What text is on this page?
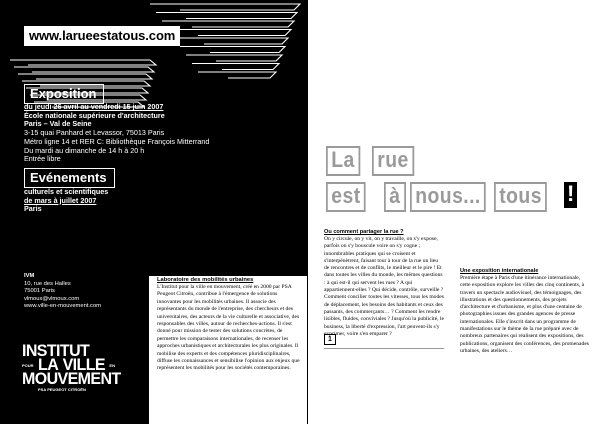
www.larueestatous.com
Exposition
du jeudi 26 avril au vendredi 15 juin 2007
École nationale supérieure d'architecture
Paris – Val de Seine
3-15 quai Panhard et Levassor, 75013 Paris
Métro ligne 14 et RER C: Bibliothèque François Mitterrand
Du mardi au dimanche de 14 h à 20 h
Entrée libre
Evénements
culturels et scientifiques
de mars à juillet 2007
Paris
IVM
10, rue des Halles
75001 Paris
vlmoux@vlmoux.com
www.ville-en-mouvement.com
INSTITUT
POUR LA VILLE EN
MOUVEMENT
PSA PEUGEOT CITROËN
Laboratoire des mobilités urbaines
L'Institut pour la ville en mouvement, créé en 2000 par PSA Peugeot Citroën, contribue à l'émergence de solutions innovantes pour les mobilités urbaines. Il associe des représentants du monde de l'entreprise, des chercheurs et des universitaires, des acteurs de la vie culturelle et associative, des responsables des villes, autour de recherches-actions. Il s'est donné pour mission de tester des solutions concrètes, de permettre les comparaisons internationales, de recenser les approches urbanistiques et architecturales les plus originales. Il mobilise des experts et des compétences pluridisciplinaires, diffuse les connaissances et sensibilise l'opinion aux enjeux que représentent les mobilités pour les sociétés contemporaines.
La rue
est à nous... tous !
Ou comment partager la rue ?
On y circule, on y vit, on y travaille, on s'y expose, parfois on s'y bouscule voire on s'y cogne ; innombrables pratiques qui se croisent et s'interpénètrent, faisant tour à tour de la rue un lieu de rencontres et de conflits, le meilleur et le pire ! Et dans toutes les villes du monde, les mêmes questions : à qui est-il qui servent les rues ? A qui appartiennent-elles ? Qui décide, contrôle, surveille ? Comment concilier toutes les vitesses, tous les modes de déplacement, les besoins des habitants et ceux des passants, des commerçants… ? Comment les rendre lisibles, fluides, conviviales ? Jusqu'où la publicité, le business, la liberté d'expression, l'art peuvent-ils s'y exprimer, voire s'en emparer ?
1
Une exposition internationale
Première étape à Paris d'une itinérance internationale, cette exposition explore les villes des cinq continents, à travers un spectacle audiovisuel, des témoignages, des illustrations et des questionnements, des projets d'architecture et d'urbanisme, et plus d'une centaine de photographies issues des grandes agences de presse internationales. Elle s'inscrit dans un programme de manifestations sur le thème de la rue préparé avec de nombreux partenaires qui réalisent des expositions, des publications, organisent des conférences, des promenades urbaines, des ateliers…
